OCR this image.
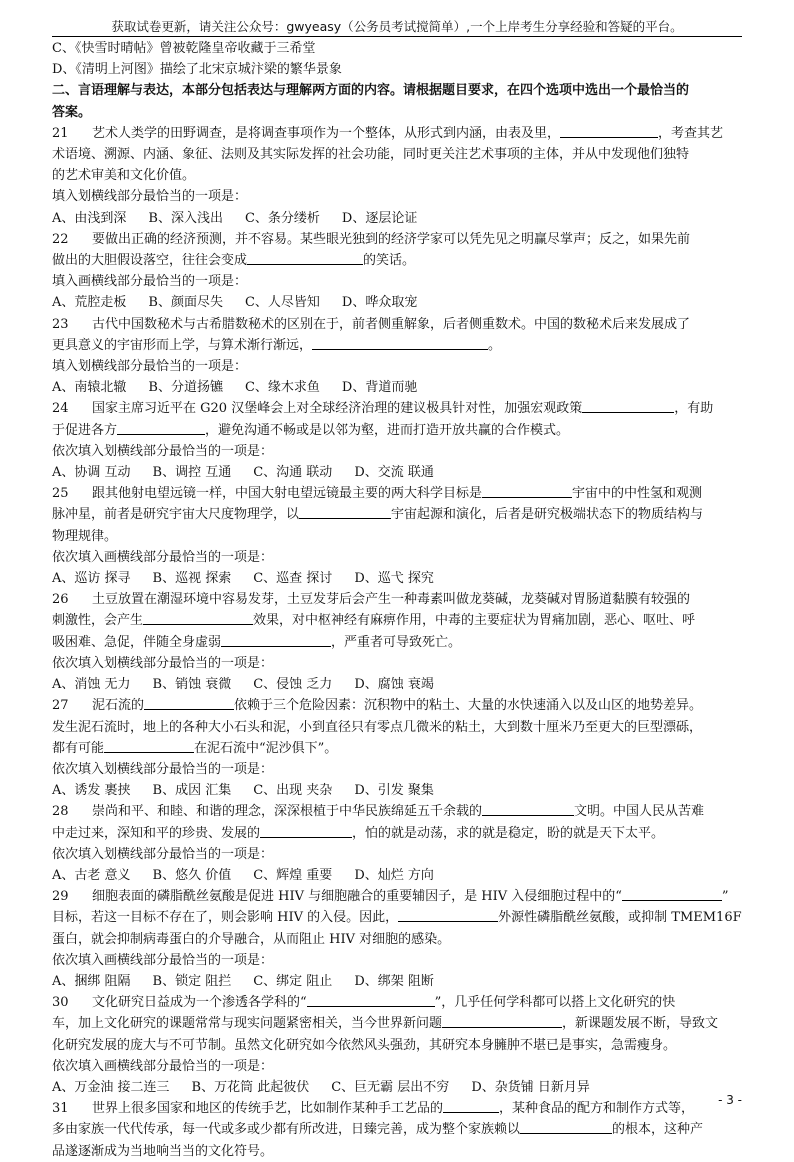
获取试卷更新，请关注公众号：gwyeasy（公务员考试搅简单）,一个上岸考生分享经验和答疑的平台。
C、《快雪时晴帖》曾被乾隆皇帝收藏于三希堂
D、《清明上河图》描绘了北宋京城汴梁的繁华景象
二、言语理解与表达，本部分包括表达与理解两方面的内容。请根据题目要求，在四个选项中选出一个最恰当的
答案。
21 艺术人类学的田野调查，是将调查事项作为一个整体，从形式到内涵，由表及里，	，考查其艺
术语境、溯源、内涵、象征、法则及其实际发挥的社会功能，同时更关注艺术事项的主体，并从中发现他们独特
的艺术审美和文化价值。
填入划横线部分最恰当的一项是：
A、由浅到深 B、深入浅出 C、条分缕析 D、逐层论证
22 要做出正确的经济预测，并不容易。某些眼光独到的经济学家可以凭先见之明赢尽掌声；反之，如果先前
做出的大胆假设落空，往往会变成	的笑话。
填入画横线部分最恰当的一项是：
A、荒腔走板 B、颜面尽失 C、人尽皆知 D、哗众取宠
23 古代中国数秘术与古希腊数秘术的区别在于，前者侧重解象，后者侧重数术。中国的数秘术后来发展成了
更具意义的宇宙形而上学，与算术渐行渐远，	。
填入划横线部分最恰当的一项是：
A、南辕北辙 B、分道扬镳 C、缘木求鱼 D、背道而驰
24 国家主席习近平在 G20 汉堡峰会上对全球经济治理的建议极具针对性，加强宏观政策	，有助
于促进各方	，避免沟通不畅或是以邻为壑，进而打造开放共赢的合作模式。
依次填入划横线部分最恰当的一项是：
A、协调 互动 B、调控 互通 C、沟通 联动 D、交流 联通
25 跟其他射电望远镜一样，中国大射电望远镜最主要的两大科学目标是	宇宙中的中性氢和观测
脉冲星，前者是研究宇宙大尺度物理学，以	宇宙起源和演化，后者是研究极端状态下的物质结构与
物理规律。
依次填入画横线部分最恰当的一项是：
A、巡访 探寻 B、巡视 探索 C、巡查 探讨 D、巡弋 探究
26 土豆放置在潮湿环境中容易发芽，土豆发芽后会产生一种毒素叫做龙葵碱，龙葵碱对胃肠道黏膜有较强的
刺激性，会产生	效果，对中枢神经有麻痹作用，中毒的主要症状为胃痛加剧，恶心、呕吐、呼
吸困难、急促，伴随全身虚弱	，严重者可导致死亡。
依次填入划横线部分最恰当的一项是：
A、消蚀 无力 B、销蚀 衰微 C、侵蚀 乏力 D、腐蚀 衰竭
27 泥石流的	依赖于三个危险因素：沉积物中的粘土、大量的水快速涌入以及山区的地势差异。
发生泥石流时，地上的各种大小石头和泥，小到直径只有零点几微米的粘土，大到数十厘米乃至更大的巨型漂砾，
都有可能	在泥石流中“泥沙俱下”。
依次填入划横线部分最恰当的一项是：
A、诱发 裹挟 B、成因 汇集 C、出现 夹杂 D、引发 聚集
28 崇尚和平、和睦、和谐的理念，深深根植于中华民族绵延五千余载的	文明。中国人民从苦难
中走过来，深知和平的珍贵、发展的	，怕的就是动荡，求的就是稳定，盼的就是天下太平。
依次填入划横线部分最恰当的一项是：
A、古老 意义 B、悠久 价值 C、辉煌 重要 D、灿烂 方向
29 细胞表面的磷脂酰丝氨酸是促进 HIV 与细胞融合的重要辅因子，是 HIV 入侵细胞过程中的“	”
目标，若这一目标不存在了，则会影响 HIV 的入侵。因此，	外源性磷脂酰丝氨酸，或抑制 TMEM16F
蛋白，就会抑制病毒蛋白的介导融合，从而阻止 HIV 对细胞的感染。
依次填入画横线部分最恰当的一项是：
A、捆绑 阻隔 B、锁定 阻拦 C、绑定 阻止 D、绑架 阻断
30 文化研究日益成为一个渗透各学科的“	”，几乎任何学科都可以搭上文化研究的快
车，加上文化研究的课题常常与现实问题紧密相关，当今世界新问题	，新课题发展不断，导致文
化研究发展的庞大与不可节制。虽然文化研究如今依然风头强劲，其研究本身臃肿不堪已是事实，急需瘦身。
依次填入画横线部分最恰当的一项是：
A、万金油 接二连三 B、万花筒 此起彼伏 C、巨无霸 层出不穷 D、杂货铺 日新月异
31 世界上很多国家和地区的传统手艺，比如制作某种手工艺品的	，某种食品的配方和制作方式等，
多由家族一代代传承，每一代或多或少都有所改进，日臻完善，成为整个家族赖以	的根本，这种产
品遂逐渐成为当地响当当的文化符号。
- 3 -
